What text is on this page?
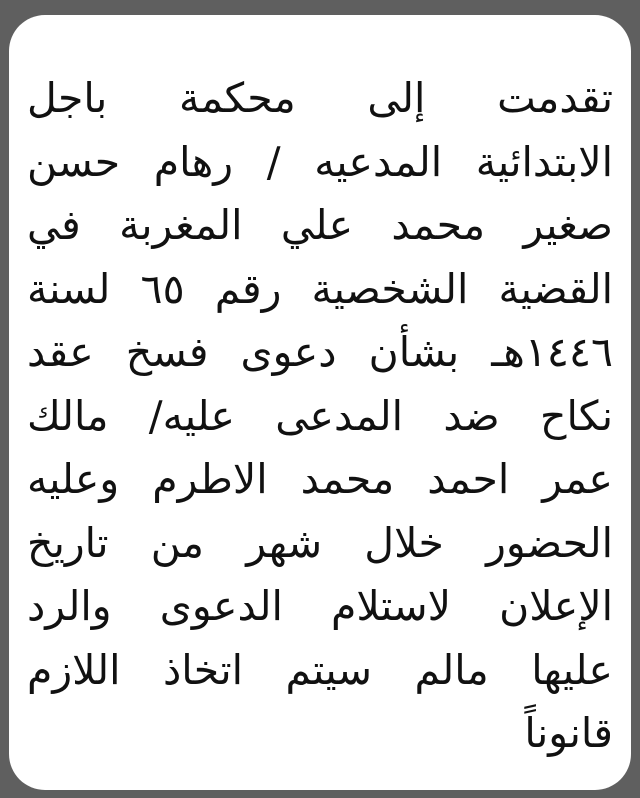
تقدمت إلى محكمة باجل
الابتدائية المدعيه / رهام حسن
صغير محمد علي المغربة في
القضية الشخصية رقم ٦٥ لسنة
١٤٤٦هـ بشأن دعوى فسخ عقد
نكاح ضد المدعى عليه/ مالك
عمر احمد محمد الاطرم وعليه
الحضور خلال شهر من تاريخ
الإعلان لاستلام الدعوى والرد
عليها مالم سيتم اتخاذ اللازم
قانوناً
